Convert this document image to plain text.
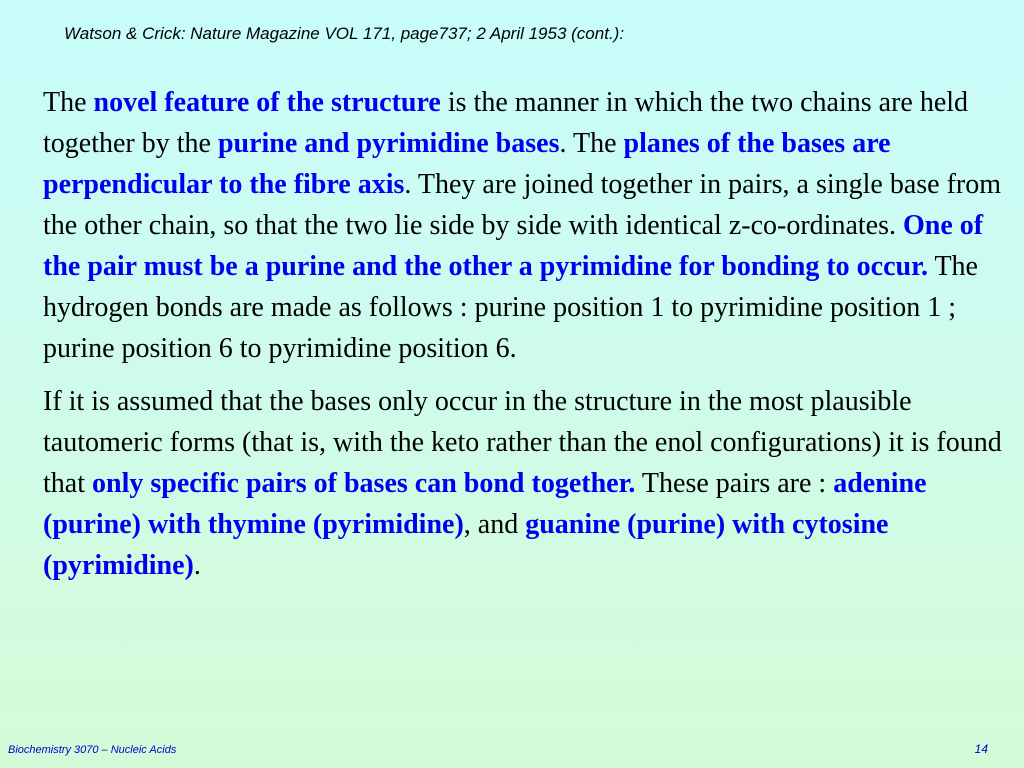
Watson & Crick: Nature Magazine VOL 171, page737; 2 April 1953 (cont.):

The novel feature of the structure is the manner in which the two chains are held together by the purine and pyrimidine bases. The planes of the bases are perpendicular to the fibre axis. They are joined together in pairs, a single base from the other chain, so that the two lie side by side with identical z-co-ordinates. One of the pair must be a purine and the other a pyrimidine for bonding to occur. The hydrogen bonds are made as follows : purine position 1 to pyrimidine position 1 ; purine position 6 to pyrimidine position 6.

If it is assumed that the bases only occur in the structure in the most plausible tautomeric forms (that is, with the keto rather than the enol configurations) it is found that only specific pairs of bases can bond together. These pairs are : adenine (purine) with thymine (pyrimidine), and guanine (purine) with cytosine (pyrimidine).

Biochemistry 3070 – Nucleic Acids	14
